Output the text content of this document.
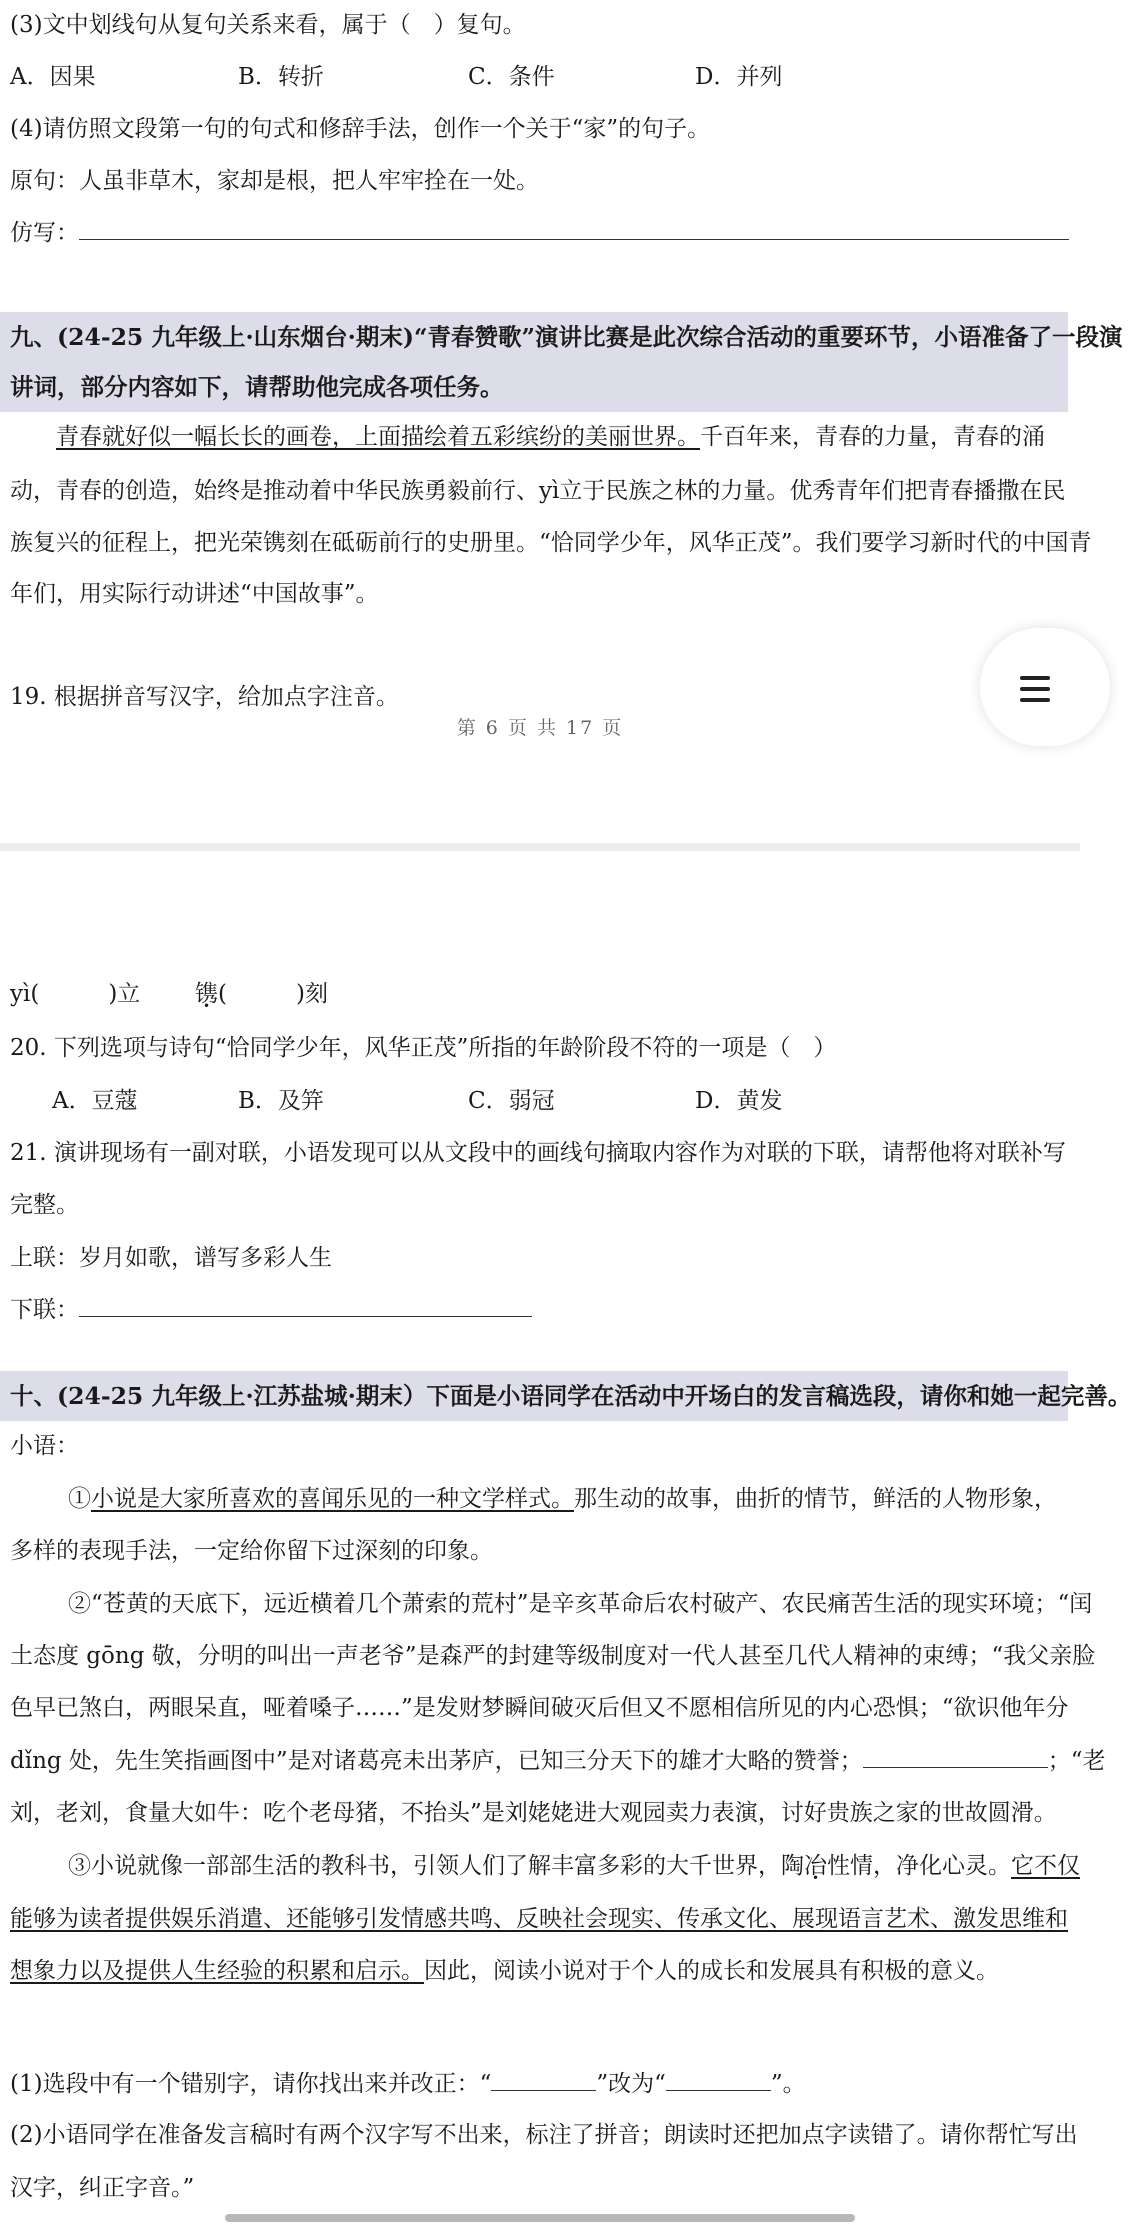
(3)文中划线句从复句关系来看，属于（　）复句。
A．因果	B．转折	C．条件	D．并列
(4)请仿照文段第一句的句式和修辞手法，创作一个关于“家”的句子。
原句：人虽非草木，家却是根，把人牢牢拴在一处。
仿写：
九、(24-25 九年级上·山东烟台·期末)“青春赞歌”演讲比赛是此次综合活动的重要环节，小语准备了一段演
讲词，部分内容如下，请帮助他完成各项任务。
　　青春就好似一幅长长的画卷，上面描绘着五彩缤纷的美丽世界。千百年来，青春的力量，青春的涌
动，青春的创造，始终是推动着中华民族勇毅前行、yì立于民族之林的力量。优秀青年们把青春播撒在民
族复兴的征程上，把光荣镌刻在砥砺前行的史册里。“恰同学少年，风华正茂”。我们要学习新时代的中国青
年们，用实际行动讲述“中国故事”。
19. 根据拼音写汉字，给加点字注音。
第 6 页 共 17 页
yì(　　　)立 镌(　　　)刻
20. 下列选项与诗句“恰同学少年，风华正茂”所指的年龄阶段不符的一项是（　）
A．豆蔻	B．及笄	C．弱冠	D．黄发
21. 演讲现场有一副对联，小语发现可以从文段中的画线句摘取内容作为对联的下联，请帮他将对联补写
完整。
上联：岁月如歌，谱写多彩人生
下联：
十、(24-25 九年级上·江苏盐城·期末）下面是小语同学在活动中开场白的发言稿选段，请你和她一起完善。
小语：
①小说是大家所喜欢的喜闻乐见的一种文学样式。那生动的故事，曲折的情节，鲜活的人物形象，
多样的表现手法，一定给你留下过深刻的印象。
②“苍黄的天底下，远近横着几个萧索的荒村”是辛亥革命后农村破产、农民痛苦生活的现实环境；“闰
土态度 gōng 敬，分明的叫出一声老爷”是森严的封建等级制度对一代人甚至几代人精神的束缚；“我父亲脸
色早已煞白，两眼呆直，哑着嗓子……”是发财梦瞬间破灭后但又不愿相信所见的内心恐惧；“欲识他年分
dǐng 处，先生笑指画图中”是对诸葛亮未出茅庐，已知三分天下的雄才大略的赞誉；	；“老
刘，老刘，食量大如牛：吃个老母猪，不抬头”是刘姥姥进大观园卖力表演，讨好贵族之家的世故圆滑。
③小说就像一部部生活的教科书，引领人们了解丰富多彩的大千世界，陶冶性情，净化心灵。它不仅
能够为读者提供娱乐消遣、还能够引发情感共鸣、反映社会现实、传承文化、展现语言艺术、激发思维和
想象力以及提供人生经验的积累和启示。因此，阅读小说对于个人的成长和发展具有积极的意义。
(1)选段中有一个错别字，请你找出来并改正：“	”改为“	”。
(2)小语同学在准备发言稿时有两个汉字写不出来，标注了拼音；朗读时还把加点字读错了。请你帮忙写出
汉字，纠正字音。”
